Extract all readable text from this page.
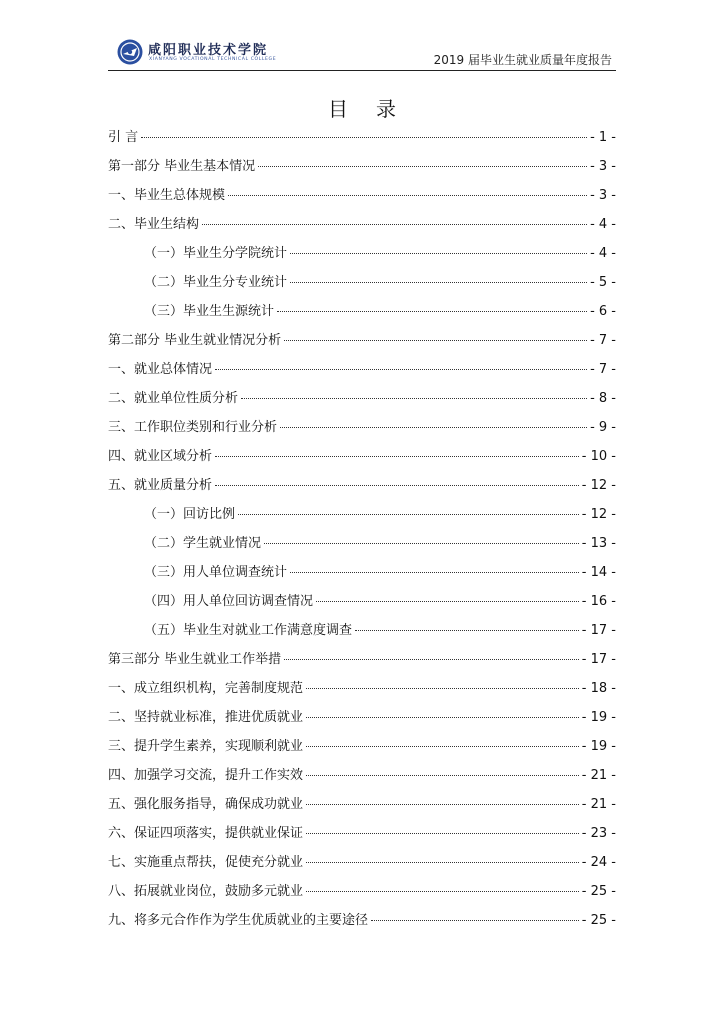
咸阳职业技术学院
XIANYANG VOCATIONAL TECHNICAL COLLEGE	2019 届毕业生就业质量年度报告
目录
引 言	- 1 -
第一部分 毕业生基本情况	- 3 -
一、毕业生总体规模	- 3 -
二、毕业生结构	- 4 -
（一）毕业生分学院统计	- 4 -
（二）毕业生分专业统计	- 5 -
（三）毕业生生源统计	- 6 -
第二部分 毕业生就业情况分析	- 7 -
一、就业总体情况	- 7 -
二、就业单位性质分析	- 8 -
三、工作职位类别和行业分析	- 9 -
四、就业区域分析	- 10 -
五、就业质量分析	- 12 -
（一）回访比例	- 12 -
（二）学生就业情况	- 13 -
（三）用人单位调查统计	- 14 -
（四）用人单位回访调查情况	- 16 -
（五）毕业生对就业工作满意度调查	- 17 -
第三部分 毕业生就业工作举措	- 17 -
一、成立组织机构，完善制度规范	- 18 -
二、坚持就业标准，推进优质就业	- 19 -
三、提升学生素养，实现顺利就业	- 19 -
四、加强学习交流，提升工作实效	- 21 -
五、强化服务指导，确保成功就业	- 21 -
六、保证四项落实，提供就业保证	- 23 -
七、实施重点帮扶，促使充分就业	- 24 -
八、拓展就业岗位，鼓励多元就业	- 25 -
九、将多元合作作为学生优质就业的主要途径	- 25 -
